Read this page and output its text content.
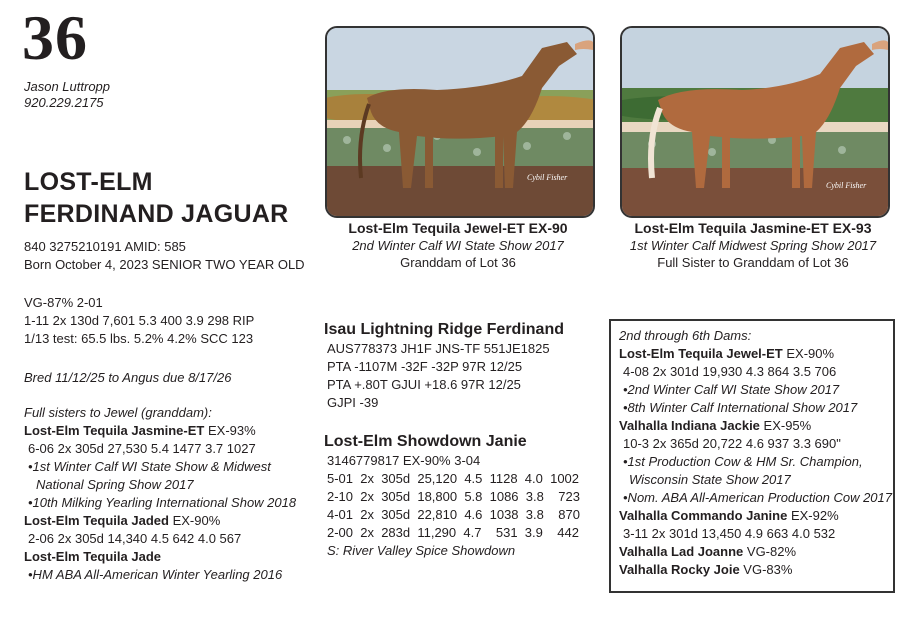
36
Jason Luttropp
920.229.2175
LOST-ELM
FERDINAND JAGUAR
840 3275210191 AMID: 585
Born October 4, 2023 SENIOR TWO YEAR OLD
VG-87% 2-01
1-11 2x 130d 7,601 5.3 400 3.9 298 RIP
1/13 test: 65.5 lbs. 5.2% 4.2% SCC 123
Bred 11/12/25 to Angus due 8/17/26
Full sisters to Jewel (granddam):
Lost-Elm Tequila Jasmine-ET EX-93%
6-06 2x 305d 27,530 5.4 1477 3.7 1027
•1st Winter Calf WI State Show & Midwest
National Spring Show 2017
•10th Milking Yearling International Show 2018
Lost-Elm Tequila Jaded EX-90%
2-06 2x 305d 14,340 4.5 642 4.0 567
Lost-Elm Tequila Jade
•HM ABA All-American Winter Yearling 2016
Cybil Fisher
Lost-Elm Tequila Jewel-ET EX-90
2nd Winter Calf WI State Show 2017
Granddam of Lot 36
Cybil Fisher
Lost-Elm Tequila Jasmine-ET EX-93
1st Winter Calf Midwest Spring Show 2017
Full Sister to Granddam of Lot 36
Isau Lightning Ridge Ferdinand
AUS778373 JH1F JNS-TF 551JE1825
PTA -1107M -32F -32P 97R 12/25
PTA +.80T GJUI +18.6 97R 12/25
GJPI -39
Lost-Elm Showdown Janie
3146779817 EX-90% 3-04
5-01  2x  305d  25,120  4.5  1128  4.0  1002
2-10  2x  305d  18,800  5.8  1086  3.8    723
4-01  2x  305d  22,810  4.6  1038  3.8    870
2-00  2x  283d  11,290  4.7    531  3.9    442
S: River Valley Spice Showdown
2nd through 6th Dams:
Lost-Elm Tequila Jewel-ET EX-90%
4-08 2x 301d 19,930 4.3 864 3.5 706
•2nd Winter Calf WI State Show 2017
•8th Winter Calf International Show 2017
Valhalla Indiana Jackie EX-95%
10-3 2x 365d 20,722 4.6 937 3.3 690"
•1st Production Cow & HM Sr. Champion,
Wisconsin State Show 2017
•Nom. ABA All-American Production Cow 2017
Valhalla Commando Janine EX-92%
3-11 2x 301d 13,450 4.9 663 4.0 532
Valhalla Lad Joanne VG-82%
Valhalla Rocky Joie VG-83%
